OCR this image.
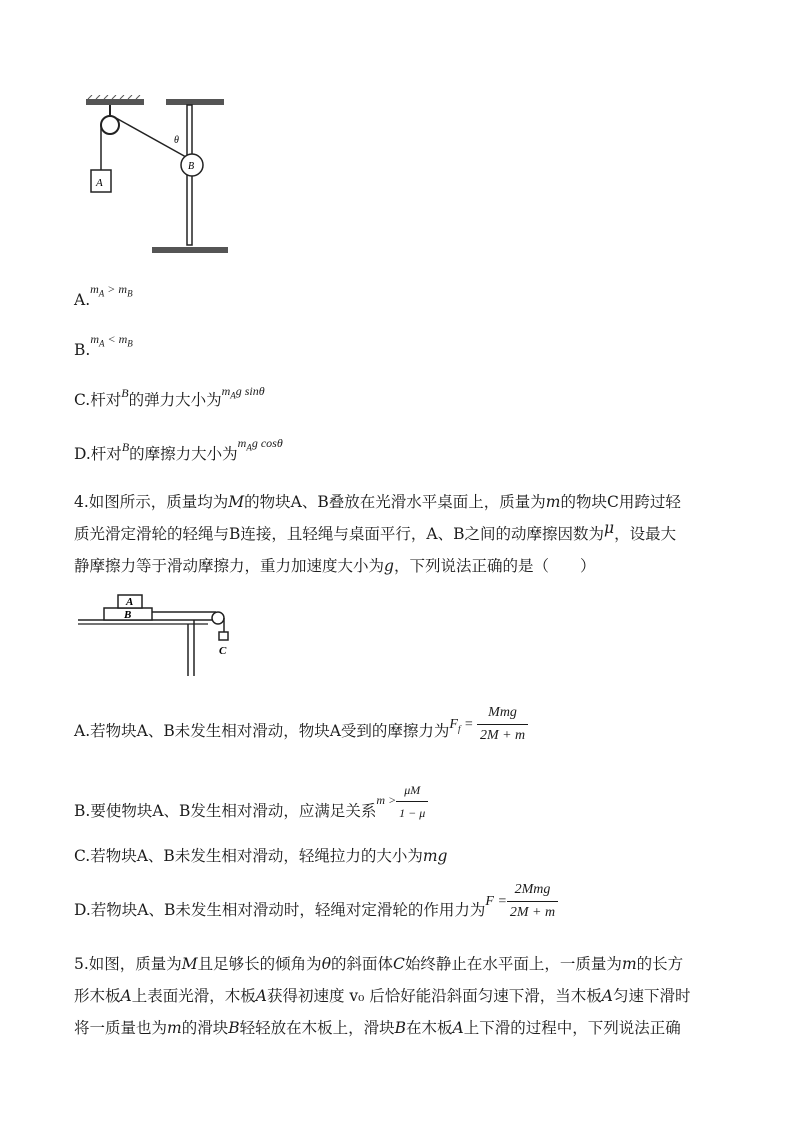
A
B
θ
A.$^{m_A > m_B}$
B.$^{m_A < m_B}$
C.杆对$^B$的弹力大小为$^{m_Ag sin\theta}$
D.杆对$^B$的摩擦力大小为$^{m_Ag cos\theta}$
4.如图所示，质量均为M的物块A、B叠放在光滑水平桌面上，质量为m的物块C用跨过轻
质光滑定滑轮的轻绳与B连接，且轻绳与桌面平行，A、B之间的动摩擦因数为μ，设最大
静摩擦力等于滑动摩擦力，重力加速度大小为g，下列说法正确的是（　　）
B
A
C
A.若物块A、B未发生相对滑动，物块A受到的摩擦力为$F_f = \frac{\text{Mmg}}{2M + m}$
B.要使物块A、B发生相对滑动，应满足关系$m > \frac{\mu M}{1 - \mu}$
C.若物块A、B未发生相对滑动，轻绳拉力的大小为mg
D.若物块A、B未发生相对滑动时，轻绳对定滑轮的作用力为$F = \frac{\text{2Mmg}}{2M + m}$
5.如图，质量为M且足够长的倾角为θ的斜面体C始终静止在水平面上，一质量为m的长方
形木板A上表面光滑，木板A获得初速度 v₀ 后恰好能沿斜面匀速下滑，当木板A匀速下滑时
将一质量也为m的滑块B轻轻放在木板上，滑块B在木板A上下滑的过程中，下列说法正确
